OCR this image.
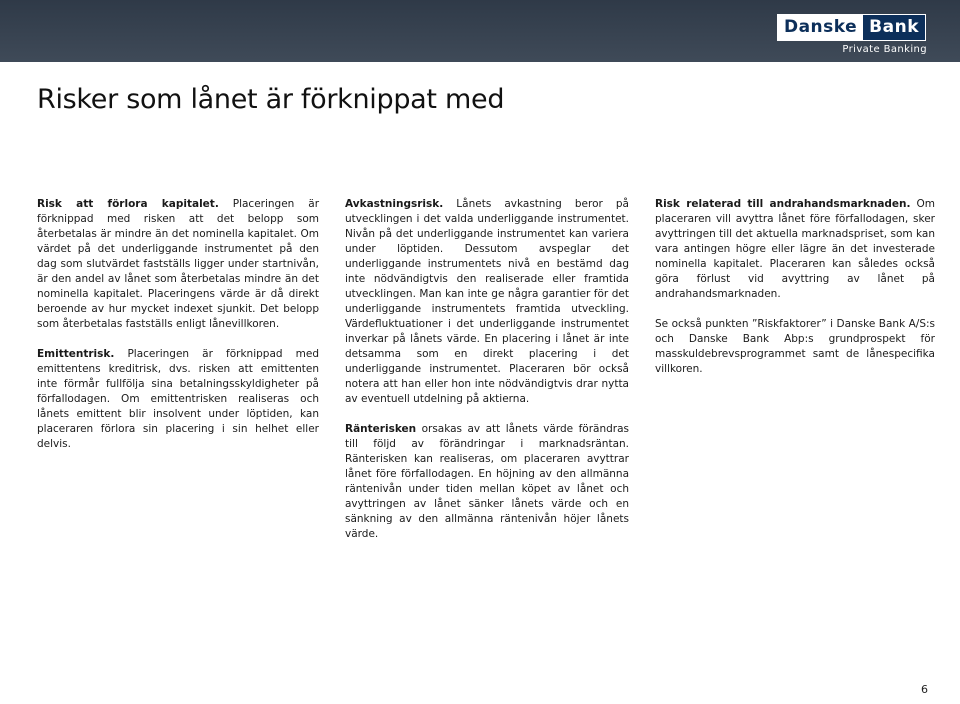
Danske Bank
Private Banking
Risker som lånet är förknippat med

Risk att förlora kapitalet. Placeringen är förknippad med risken att det belopp som återbetalas är mindre än det nominella kapitalet. Om värdet på det underliggande instrumentet på den dag som slutvärdet fastställs ligger under startnivån, är den andel av lånet som återbetalas mindre än det nominella kapitalet. Placeringens värde är då direkt beroende av hur mycket indexet sjunkit. Det belopp som återbetalas fastställs enligt lånevillkoren.

Emittentrisk. Placeringen är förknippad med emittentens kreditrisk, dvs. risken att emittenten inte förmår fullfölja sina betalningsskyldigheter på förfallodagen. Om emittentrisken realiseras och lånets emittent blir insolvent under löptiden, kan placeraren förlora sin placering i sin helhet eller delvis.

Avkastningsrisk. Lånets avkastning beror på utvecklingen i det valda underliggande instrumentet. Nivån på det underliggande instrumentet kan variera under löptiden. Dessutom avspeglar det underliggande instrumentets nivå en bestämd dag inte nödvändigtvis den realiserade eller framtida utvecklingen. Man kan inte ge några garantier för det underliggande instrumentets framtida utveckling. Värdefluktuationer i det underliggande instrumentet inverkar på lånets värde. En placering i lånet är inte detsamma som en direkt placering i det underliggande instrumentet. Placeraren bör också notera att han eller hon inte nödvändigtvis drar nytta av eventuell utdelning på aktierna.

Ränterisken orsakas av att lånets värde förändras till följd av förändringar i marknadsräntan. Ränterisken kan realiseras, om placeraren avyttrar lånet före förfallodagen. En höjning av den allmänna räntenivån under tiden mellan köpet av lånet och avyttringen av lånet sänker lånets värde och en sänkning av den allmänna räntenivån höjer lånets värde.

Risk relaterad till andrahandsmarknaden. Om placeraren vill avyttra lånet före förfallodagen, sker avyttringen till det aktuella marknadspriset, som kan vara antingen högre eller lägre än det investerade nominella kapitalet. Placeraren kan således också göra förlust vid avyttring av lånet på andrahandsmarknaden.

Se också punkten ”Riskfaktorer” i Danske Bank A/S:s och Danske Bank Abp:s grundprospekt för masskuldebrevsprogrammet samt de lånespecifika villkoren.

6
